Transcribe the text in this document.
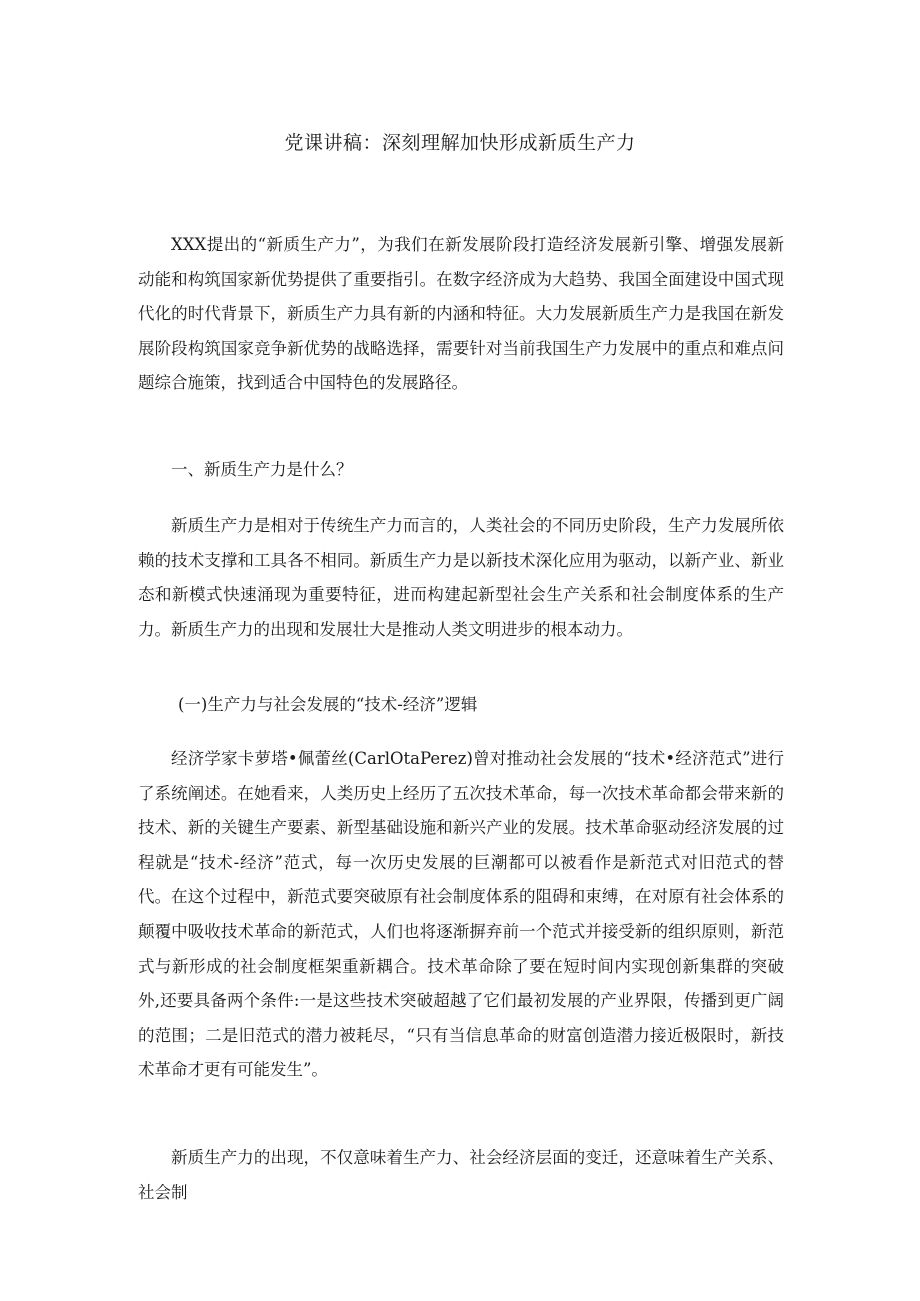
党课讲稿：深刻理解加快形成新质生产力

XXX提出的“新质生产力”，为我们在新发展阶段打造经济发展新引擎、增强发展新动能和构筑国家新优势提供了重要指引。在数字经济成为大趋势、我国全面建设中国式现代化的时代背景下，新质生产力具有新的内涵和特征。大力发展新质生产力是我国在新发展阶段构筑国家竞争新优势的战略选择，需要针对当前我国生产力发展中的重点和难点问题综合施策，找到适合中国特色的发展路径。

一、新质生产力是什么？

新质生产力是相对于传统生产力而言的，人类社会的不同历史阶段，生产力发展所依赖的技术支撑和工具各不相同。新质生产力是以新技术深化应用为驱动，以新产业、新业态和新模式快速涌现为重要特征，进而构建起新型社会生产关系和社会制度体系的生产力。新质生产力的出现和发展壮大是推动人类文明进步的根本动力。

(一)生产力与社会发展的“技术-经济”逻辑

经济学家卡萝塔•佩蕾丝(CarlOtaPerez)曾对推动社会发展的“技术•经济范式”进行了系统阐述。在她看来，人类历史上经历了五次技术革命，每一次技术革命都会带来新的技术、新的关键生产要素、新型基础设施和新兴产业的发展。技术革命驱动经济发展的过程就是“技术-经济”范式，每一次历史发展的巨潮都可以被看作是新范式对旧范式的替代。在这个过程中，新范式要突破原有社会制度体系的阻碍和束缚，在对原有社会体系的颠覆中吸收技术革命的新范式，人们也将逐渐摒弃前一个范式并接受新的组织原则，新范式与新形成的社会制度框架重新耦合。技术革命除了要在短时间内实现创新集群的突破外,还要具备两个条件:一是这些技术突破超越了它们最初发展的产业界限，传播到更广阔的范围；二是旧范式的潜力被耗尽，“只有当信息革命的财富创造潜力接近极限时，新技术革命才更有可能发生”。

新质生产力的出现，不仅意味着生产力、社会经济层面的变迁，还意味着生产关系、社会制
